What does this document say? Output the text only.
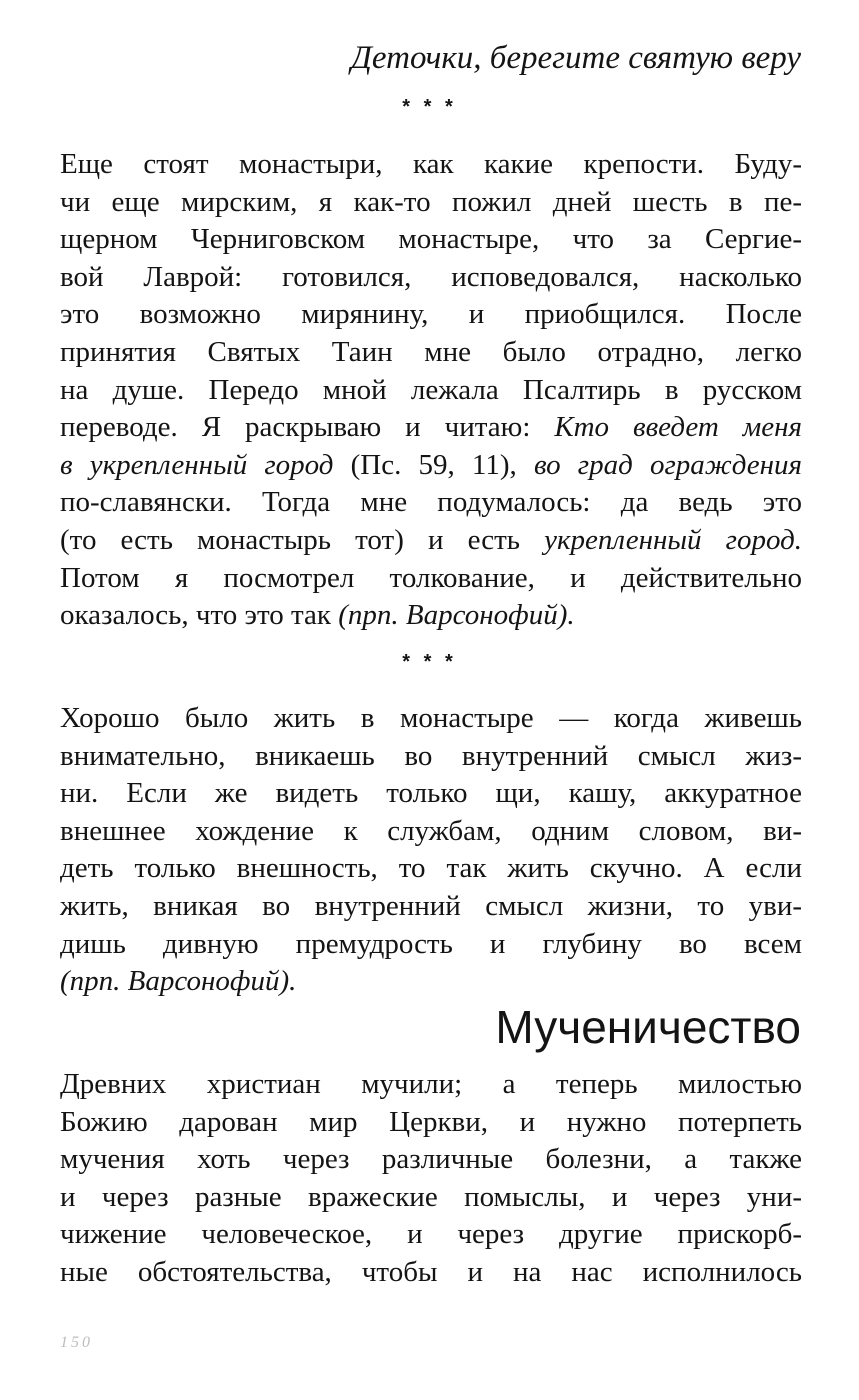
Деточки, берегите святую веру
* * *
Еще стоят монастыри, как какие крепости. Буду-
чи еще мирским, я как-то пожил дней шесть в пе-
щерном Черниговском монастыре, что за Сергие-
вой Лаврой: готовился, исповедовался, насколько
это возможно мирянину, и приобщился. После
принятия Святых Таин мне было отрадно, легко
на душе. Передо мной лежала Псалтирь в русском
переводе. Я раскрываю и читаю: Кто введет меня
в укрепленный город (Пс. 59, 11), во град ограждения
по-славянски. Тогда мне подумалось: да ведь это
(то есть монастырь тот) и есть укрепленный город.
Потом я посмотрел толкование, и действительно
оказалось, что это так (прп. Варсонофий).
* * *
Хорошо было жить в монастыре — когда живешь
внимательно, вникаешь во внутренний смысл жиз-
ни. Если же видеть только щи, кашу, аккуратное
внешнее хождение к службам, одним словом, ви-
деть только внешность, то так жить скучно. А если
жить, вникая во внутренний смысл жизни, то уви-
дишь дивную премудрость и глубину во всем
(прп. Варсонофий).
Мученичество
Древних христиан мучили; а теперь милостью
Божию дарован мир Церкви, и нужно потерпеть
мучения хоть через различные болезни, а также
и через разные вражеские помыслы, и через уни-
чижение человеческое, и через другие прискорб-
ные обстоятельства, чтобы и на нас исполнилось
150
